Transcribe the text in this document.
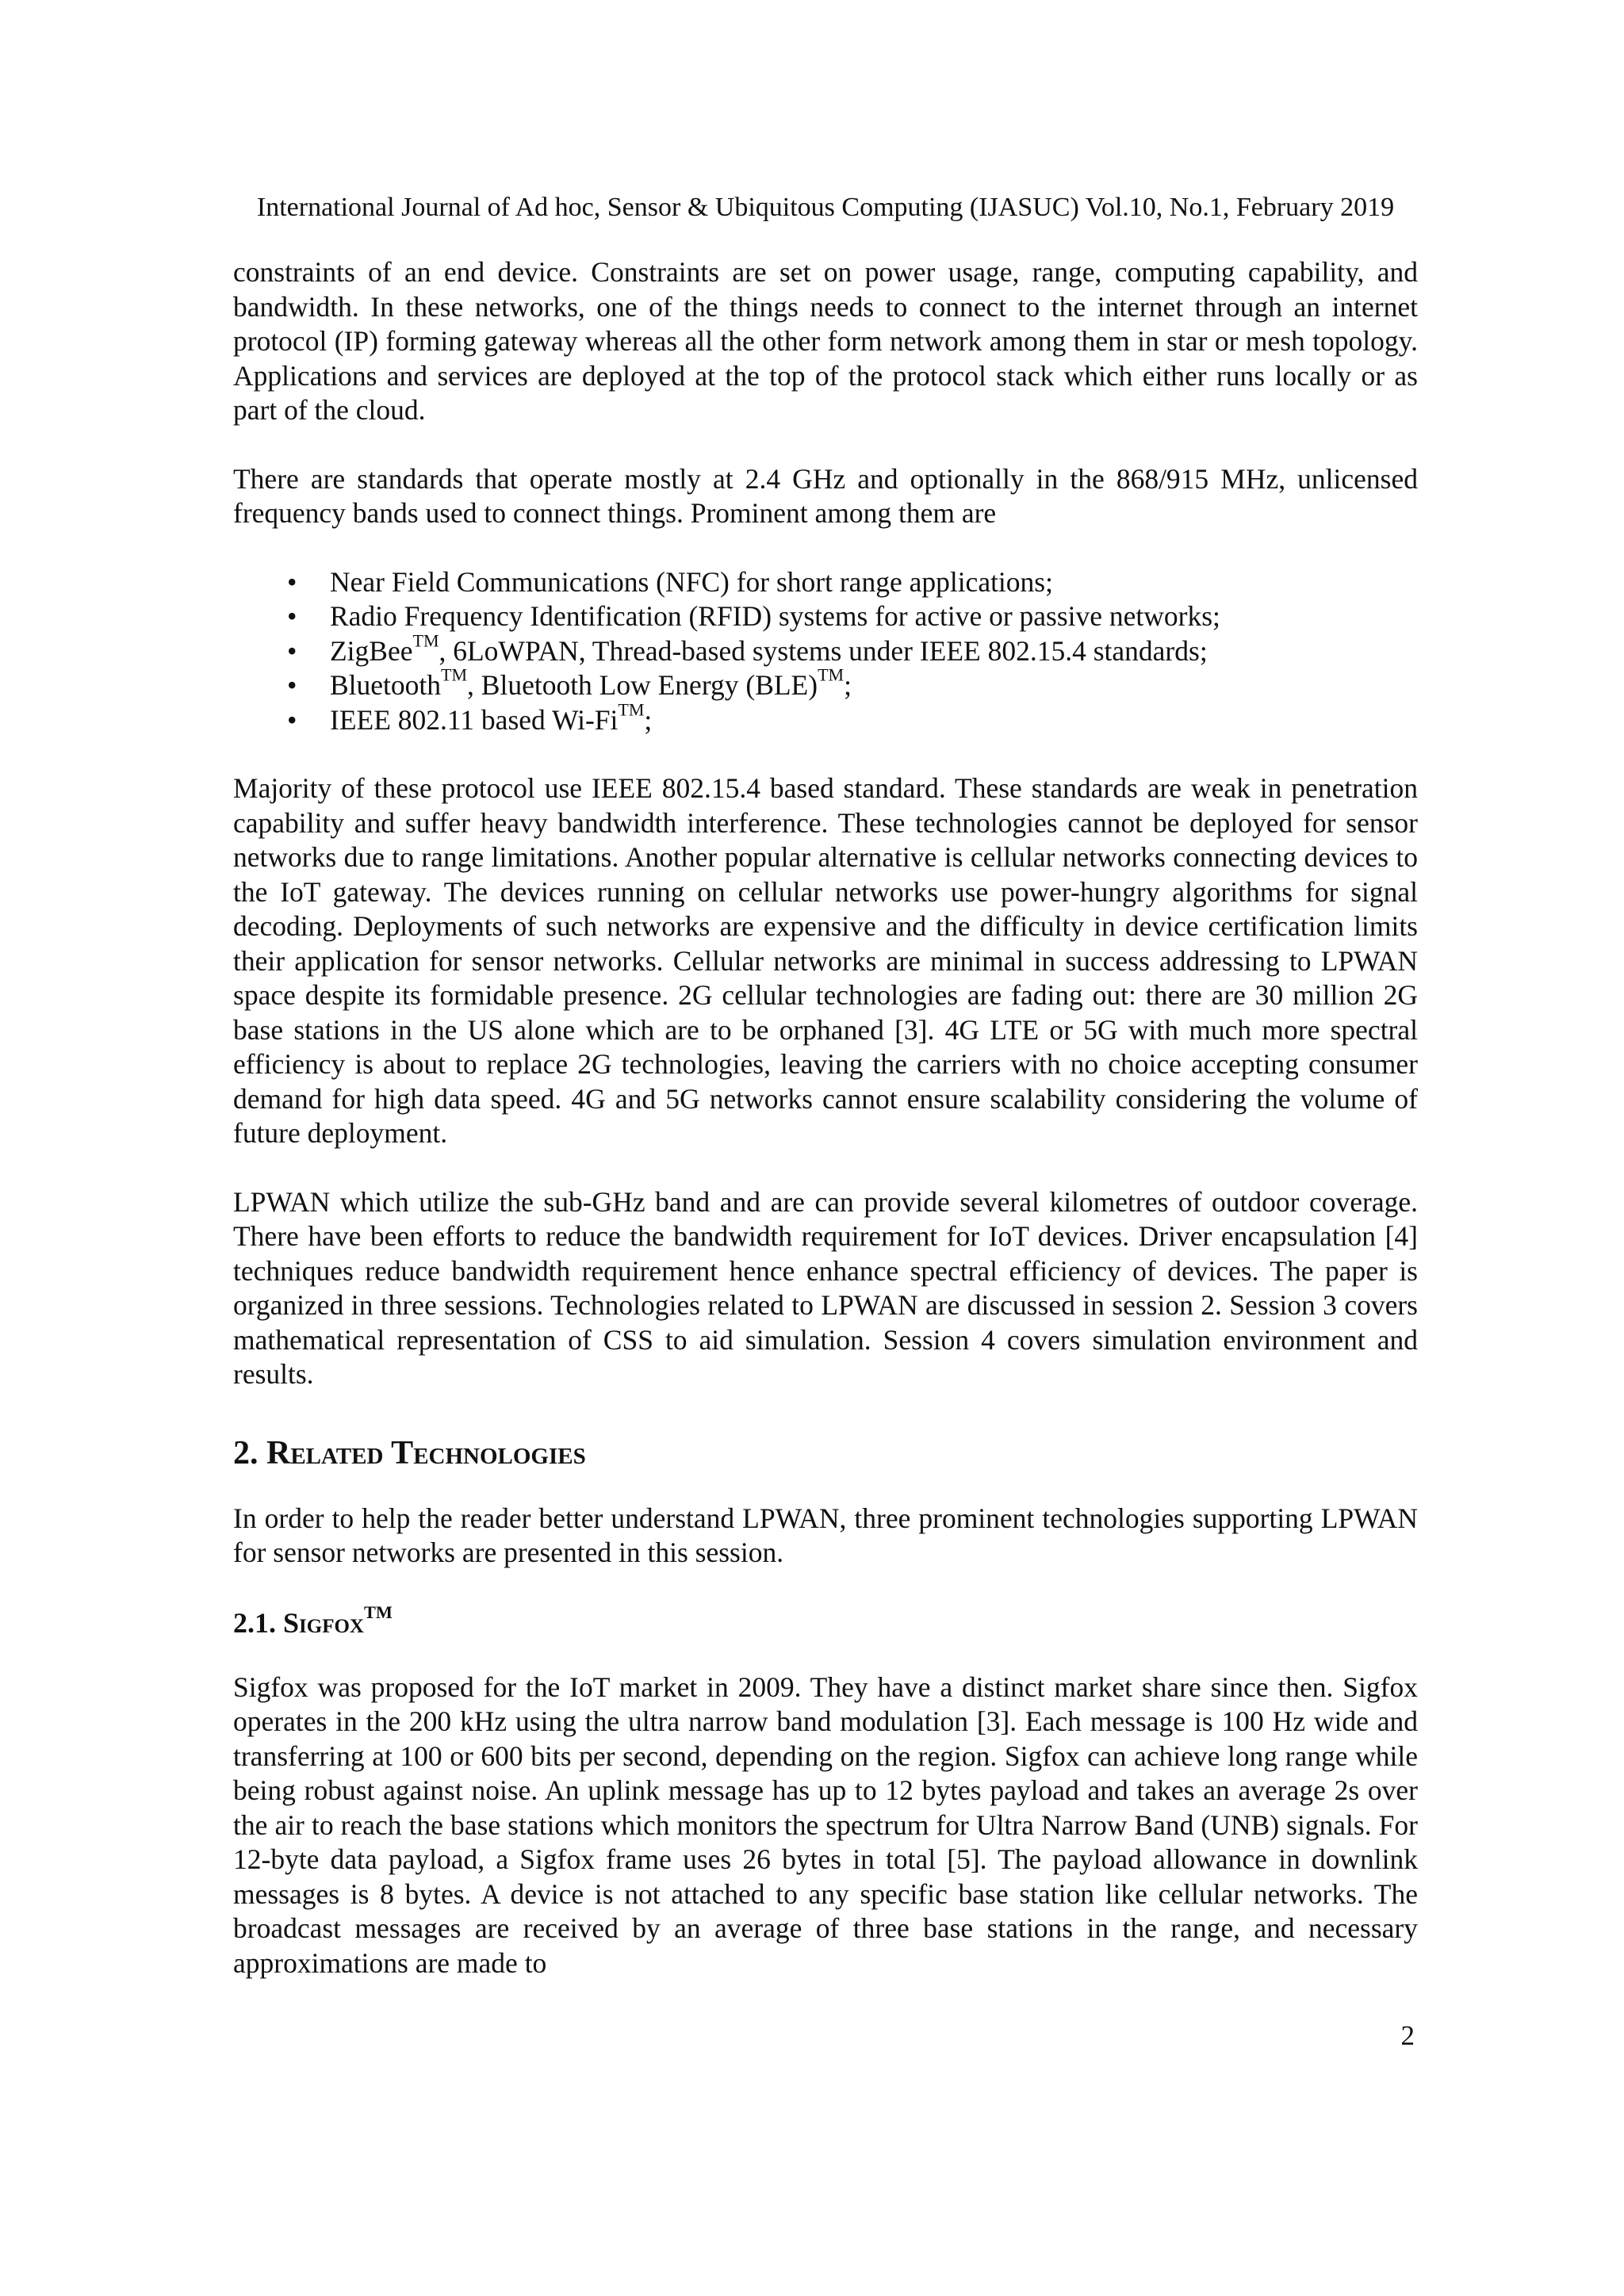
International Journal of Ad hoc, Sensor & Ubiquitous Computing (IJASUC) Vol.10, No.1, February 2019

constraints of an end device. Constraints are set on power usage, range, computing capability, and bandwidth. In these networks, one of the things needs to connect to the internet through an internet protocol (IP) forming gateway whereas all the other form network among them in star or mesh topology. Applications and services are deployed at the top of the protocol stack which either runs locally or as part of the cloud.

There are standards that operate mostly at 2.4 GHz and optionally in the 868/915 MHz, unlicensed frequency bands used to connect things. Prominent among them are

• Near Field Communications (NFC) for short range applications;
• Radio Frequency Identification (RFID) systems for active or passive networks;
• ZigBee™, 6LoWPAN, Thread-based systems under IEEE 802.15.4 standards;
• Bluetooth™, Bluetooth Low Energy (BLE)™;
• IEEE 802.11 based Wi-Fi™;

Majority of these protocol use IEEE 802.15.4 based standard. These standards are weak in penetration capability and suffer heavy bandwidth interference. These technologies cannot be deployed for sensor networks due to range limitations. Another popular alternative is cellular networks connecting devices to the IoT gateway. The devices running on cellular networks use power-hungry algorithms for signal decoding. Deployments of such networks are expensive and the difficulty in device certification limits their application for sensor networks. Cellular networks are minimal in success addressing to LPWAN space despite its formidable presence. 2G cellular technologies are fading out: there are 30 million 2G base stations in the US alone which are to be orphaned [3]. 4G LTE or 5G with much more spectral efficiency is about to replace 2G technologies, leaving the carriers with no choice accepting consumer demand for high data speed. 4G and 5G networks cannot ensure scalability considering the volume of future deployment.

LPWAN which utilize the sub-GHz band and are can provide several kilometres of outdoor coverage. There have been efforts to reduce the bandwidth requirement for IoT devices. Driver encapsulation [4] techniques reduce bandwidth requirement hence enhance spectral efficiency of devices. The paper is organized in three sessions. Technologies related to LPWAN are discussed in session 2. Session 3 covers mathematical representation of CSS to aid simulation. Session 4 covers simulation environment and results.

2. Related Technologies

In order to help the reader better understand LPWAN, three prominent technologies supporting LPWAN for sensor networks are presented in this session.

2.1. Sigfox™

Sigfox was proposed for the IoT market in 2009. They have a distinct market share since then. Sigfox operates in the 200 kHz using the ultra narrow band modulation [3]. Each message is 100 Hz wide and transferring at 100 or 600 bits per second, depending on the region. Sigfox can achieve long range while being robust against noise. An uplink message has up to 12 bytes payload and takes an average 2s over the air to reach the base stations which monitors the spectrum for Ultra Narrow Band (UNB) signals. For 12-byte data payload, a Sigfox frame uses 26 bytes in total [5]. The payload allowance in downlink messages is 8 bytes. A device is not attached to any specific base station like cellular networks. The broadcast messages are received by an average of three base stations in the range, and necessary approximations are made to

2
